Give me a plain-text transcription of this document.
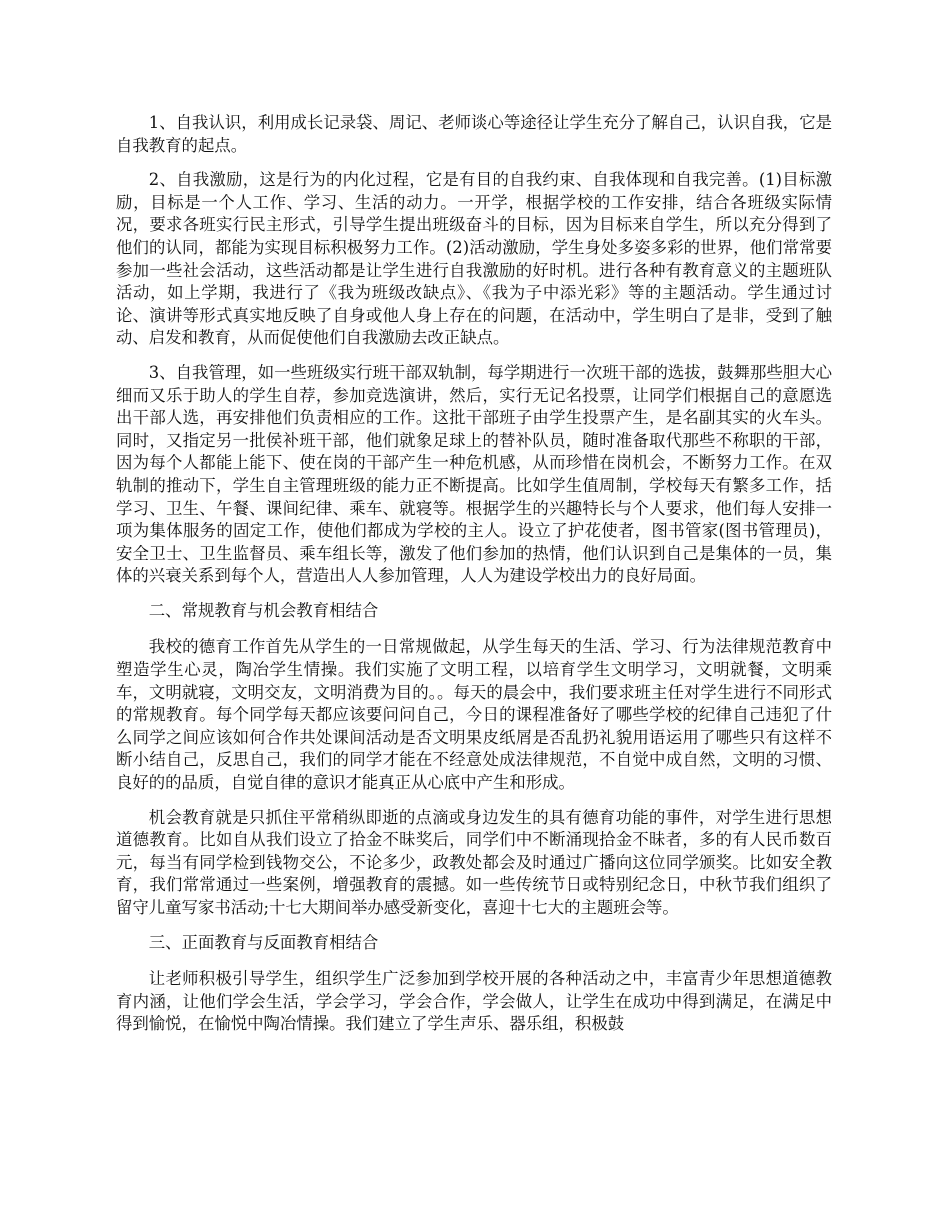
1、自我认识，利用成长记录袋、周记、老师谈心等途径让学生充分了解自己，认识自我，它是自我教育的起点。

2、自我激励，这是行为的内化过程，它是有目的自我约束、自我体现和自我完善。(1)目标激励，目标是一个人工作、学习、生活的动力。一开学，根据学校的工作安排，结合各班级实际情况，要求各班实行民主形式，引导学生提出班级奋斗的目标，因为目标来自学生，所以充分得到了他们的认同，都能为实现目标积极努力工作。(2)活动激励，学生身处多姿多彩的世界，他们常常要参加一些社会活动，这些活动都是让学生进行自我激励的好时机。进行各种有教育意义的主题班队活动，如上学期，我进行了《我为班级改缺点》、《我为子中添光彩》等的主题活动。学生通过讨论、演讲等形式真实地反映了自身或他人身上存在的问题，在活动中，学生明白了是非，受到了触动、启发和教育，从而促使他们自我激励去改正缺点。

3、自我管理，如一些班级实行班干部双轨制，每学期进行一次班干部的选拔，鼓舞那些胆大心细而又乐于助人的学生自荐，参加竞选演讲，然后，实行无记名投票，让同学们根据自己的意愿选出干部人选，再安排他们负责相应的工作。这批干部班子由学生投票产生，是名副其实的火车头。同时，又指定另一批侯补班干部，他们就象足球上的替补队员，随时准备取代那些不称职的干部，因为每个人都能上能下、使在岗的干部产生一种危机感，从而珍惜在岗机会，不断努力工作。在双轨制的推动下，学生自主管理班级的能力正不断提高。比如学生值周制，学校每天有繁多工作，括学习、卫生、午餐、课间纪律、乘车、就寝等。根据学生的兴趣特长与个人要求，他们每人安排一项为集体服务的固定工作，使他们都成为学校的主人。设立了护花使者，图书管家(图书管理员)，安全卫士、卫生监督员、乘车组长等，激发了他们参加的热情，他们认识到自己是集体的一员，集体的兴衰关系到每个人，营造出人人参加管理，人人为建设学校出力的良好局面。

二、常规教育与机会教育相结合

我校的德育工作首先从学生的一日常规做起，从学生每天的生活、学习、行为法律规范教育中塑造学生心灵，陶冶学生情操。我们实施了文明工程，以培育学生文明学习，文明就餐，文明乘车，文明就寝，文明交友，文明消费为目的。。每天的晨会中，我们要求班主任对学生进行不同形式的常规教育。每个同学每天都应该要问问自己，今日的课程准备好了哪些学校的纪律自己违犯了什么同学之间应该如何合作共处课间活动是否文明果皮纸屑是否乱扔礼貌用语运用了哪些只有这样不断小结自己，反思自己，我们的同学才能在不经意处成法律规范，不自觉中成自然，文明的习惯、良好的的品质，自觉自律的意识才能真正从心底中产生和形成。

机会教育就是只抓住平常稍纵即逝的点滴或身边发生的具有德育功能的事件，对学生进行思想道德教育。比如自从我们设立了拾金不昧奖后，同学们中不断涌现拾金不昧者，多的有人民币数百元，每当有同学检到钱物交公，不论多少，政教处都会及时通过广播向这位同学颁奖。比如安全教育，我们常常通过一些案例，增强教育的震撼。如一些传统节日或特别纪念日，中秋节我们组织了留守儿童写家书活动;十七大期间举办感受新变化，喜迎十七大的主题班会等。

三、正面教育与反面教育相结合

让老师积极引导学生，组织学生广泛参加到学校开展的各种活动之中，丰富青少年思想道德教育内涵，让他们学会生活，学会学习，学会合作，学会做人，让学生在成功中得到满足，在满足中得到愉悦，在愉悦中陶冶情操。我们建立了学生声乐、器乐组，积极鼓
